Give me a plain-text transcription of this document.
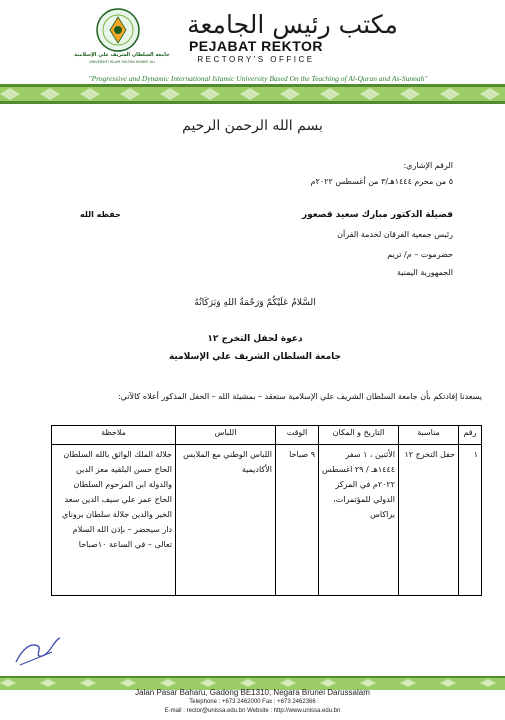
جامعة السلطان الشريف علي الإسلامية
UNIVERSITI ISLAM SULTAN SHARIF ALI
مكتب رئيس الجامعة
PEJABAT REKTOR
RECTORY'S OFFICE
"Progressive and Dynamic International Islamic University Based On the Teaching of Al-Quran and As-Sunnah"
بسم الله الرحمن الرحيم
الرقم الإشاري:
٥ من محرم ١٤٤٤هـ/٣ من أغسطس ٢٠٢٢م
فضيلة الدكتور مبارك سعيد قصعور
حفظه الله
رئيس جمعية الفرقان لخدمة القرآن
حضرموت – م/ تريم
الجمهورية اليمنية
السَّلامُ عَلَيْكُمْ وَرَحْمَةُ اللهِ وَبَرَكَاتُهُ
دعوة لحفل التخرج ١٢
جامعة السلطان الشريف علي الإسلامية
يسعدنا إفادتكم بأن جامعة السلطان الشريف علي الإسلامية ستعقد – بمشيئة الله – الحفل المذكور أعلاه كالآتي:
رقم	مناسبة	التاريخ و المكان	الوقت	اللباس	ملاحظة
١	حفل التخرج ١٢	الأثنين ، ١ سفر ١٤٤٤هـ / ٢٩ اغسطس ٢٠٢٢م في المركز الدولي للمؤتمرات، براكاس	٩ صباحا	اللباس الوطني مع الملابس الأكاديمية	جلالة الملك الواثق بالله السلطان الحاج حسن البلقيه معز الدين والدولة ابن المرحوم السلطان الحاج عمر علي سيف الدين سعد الخير والدين جلالة سلطان بروناي دار سيحضر – بإذن الله السلام تعالى – في الساعة ١٠صباحا
Jalan Pasar Baharu, Gadong BE1310, Negara Brunei Darussalam
Telephone : +673 2462000 Fax : +673 2462366
E-mail : rector@unissa.edu.bn Website : http://www.unissa.edu.bn
